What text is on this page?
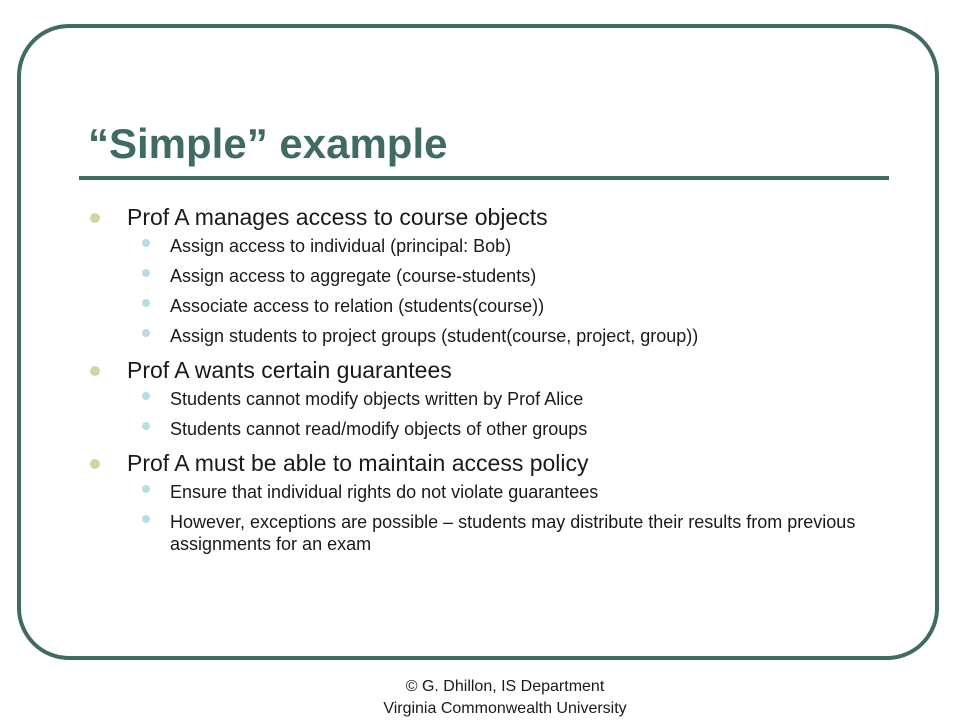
“Simple” example
Prof A manages access to course objects
Assign access to individual (principal: Bob)
Assign access to aggregate (course-students)
Associate access to relation (students(course))
Assign students to project groups (student(course, project, group))
Prof A wants certain guarantees
Students cannot modify objects written by Prof Alice
Students cannot read/modify objects of other groups
Prof A must be able to maintain access policy
Ensure that individual rights do not violate guarantees
However, exceptions are possible – students may distribute their results from previous assignments for an exam
© G. Dhillon, IS Department
Virginia Commonwealth University
